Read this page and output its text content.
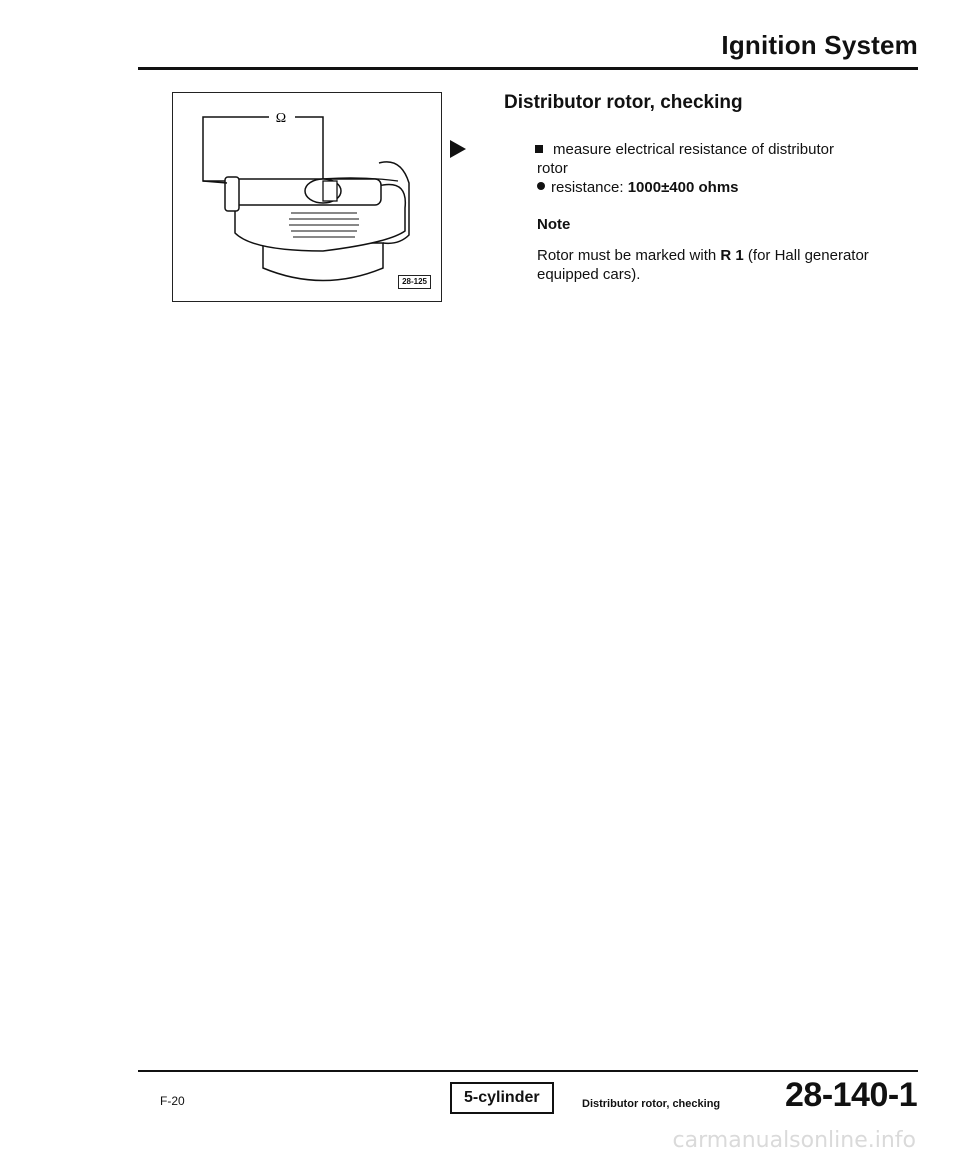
Ignition System
Ω
28-125
Distributor rotor, checking
measure electrical resistance of distributor
rotor
resistance: 1000±400 ohms
Note
Rotor must be marked with R 1 (for Hall generator equipped cars).
F-20	5-cylinder	Distributor rotor, checking 28-140-1
carmanualsonline.info
